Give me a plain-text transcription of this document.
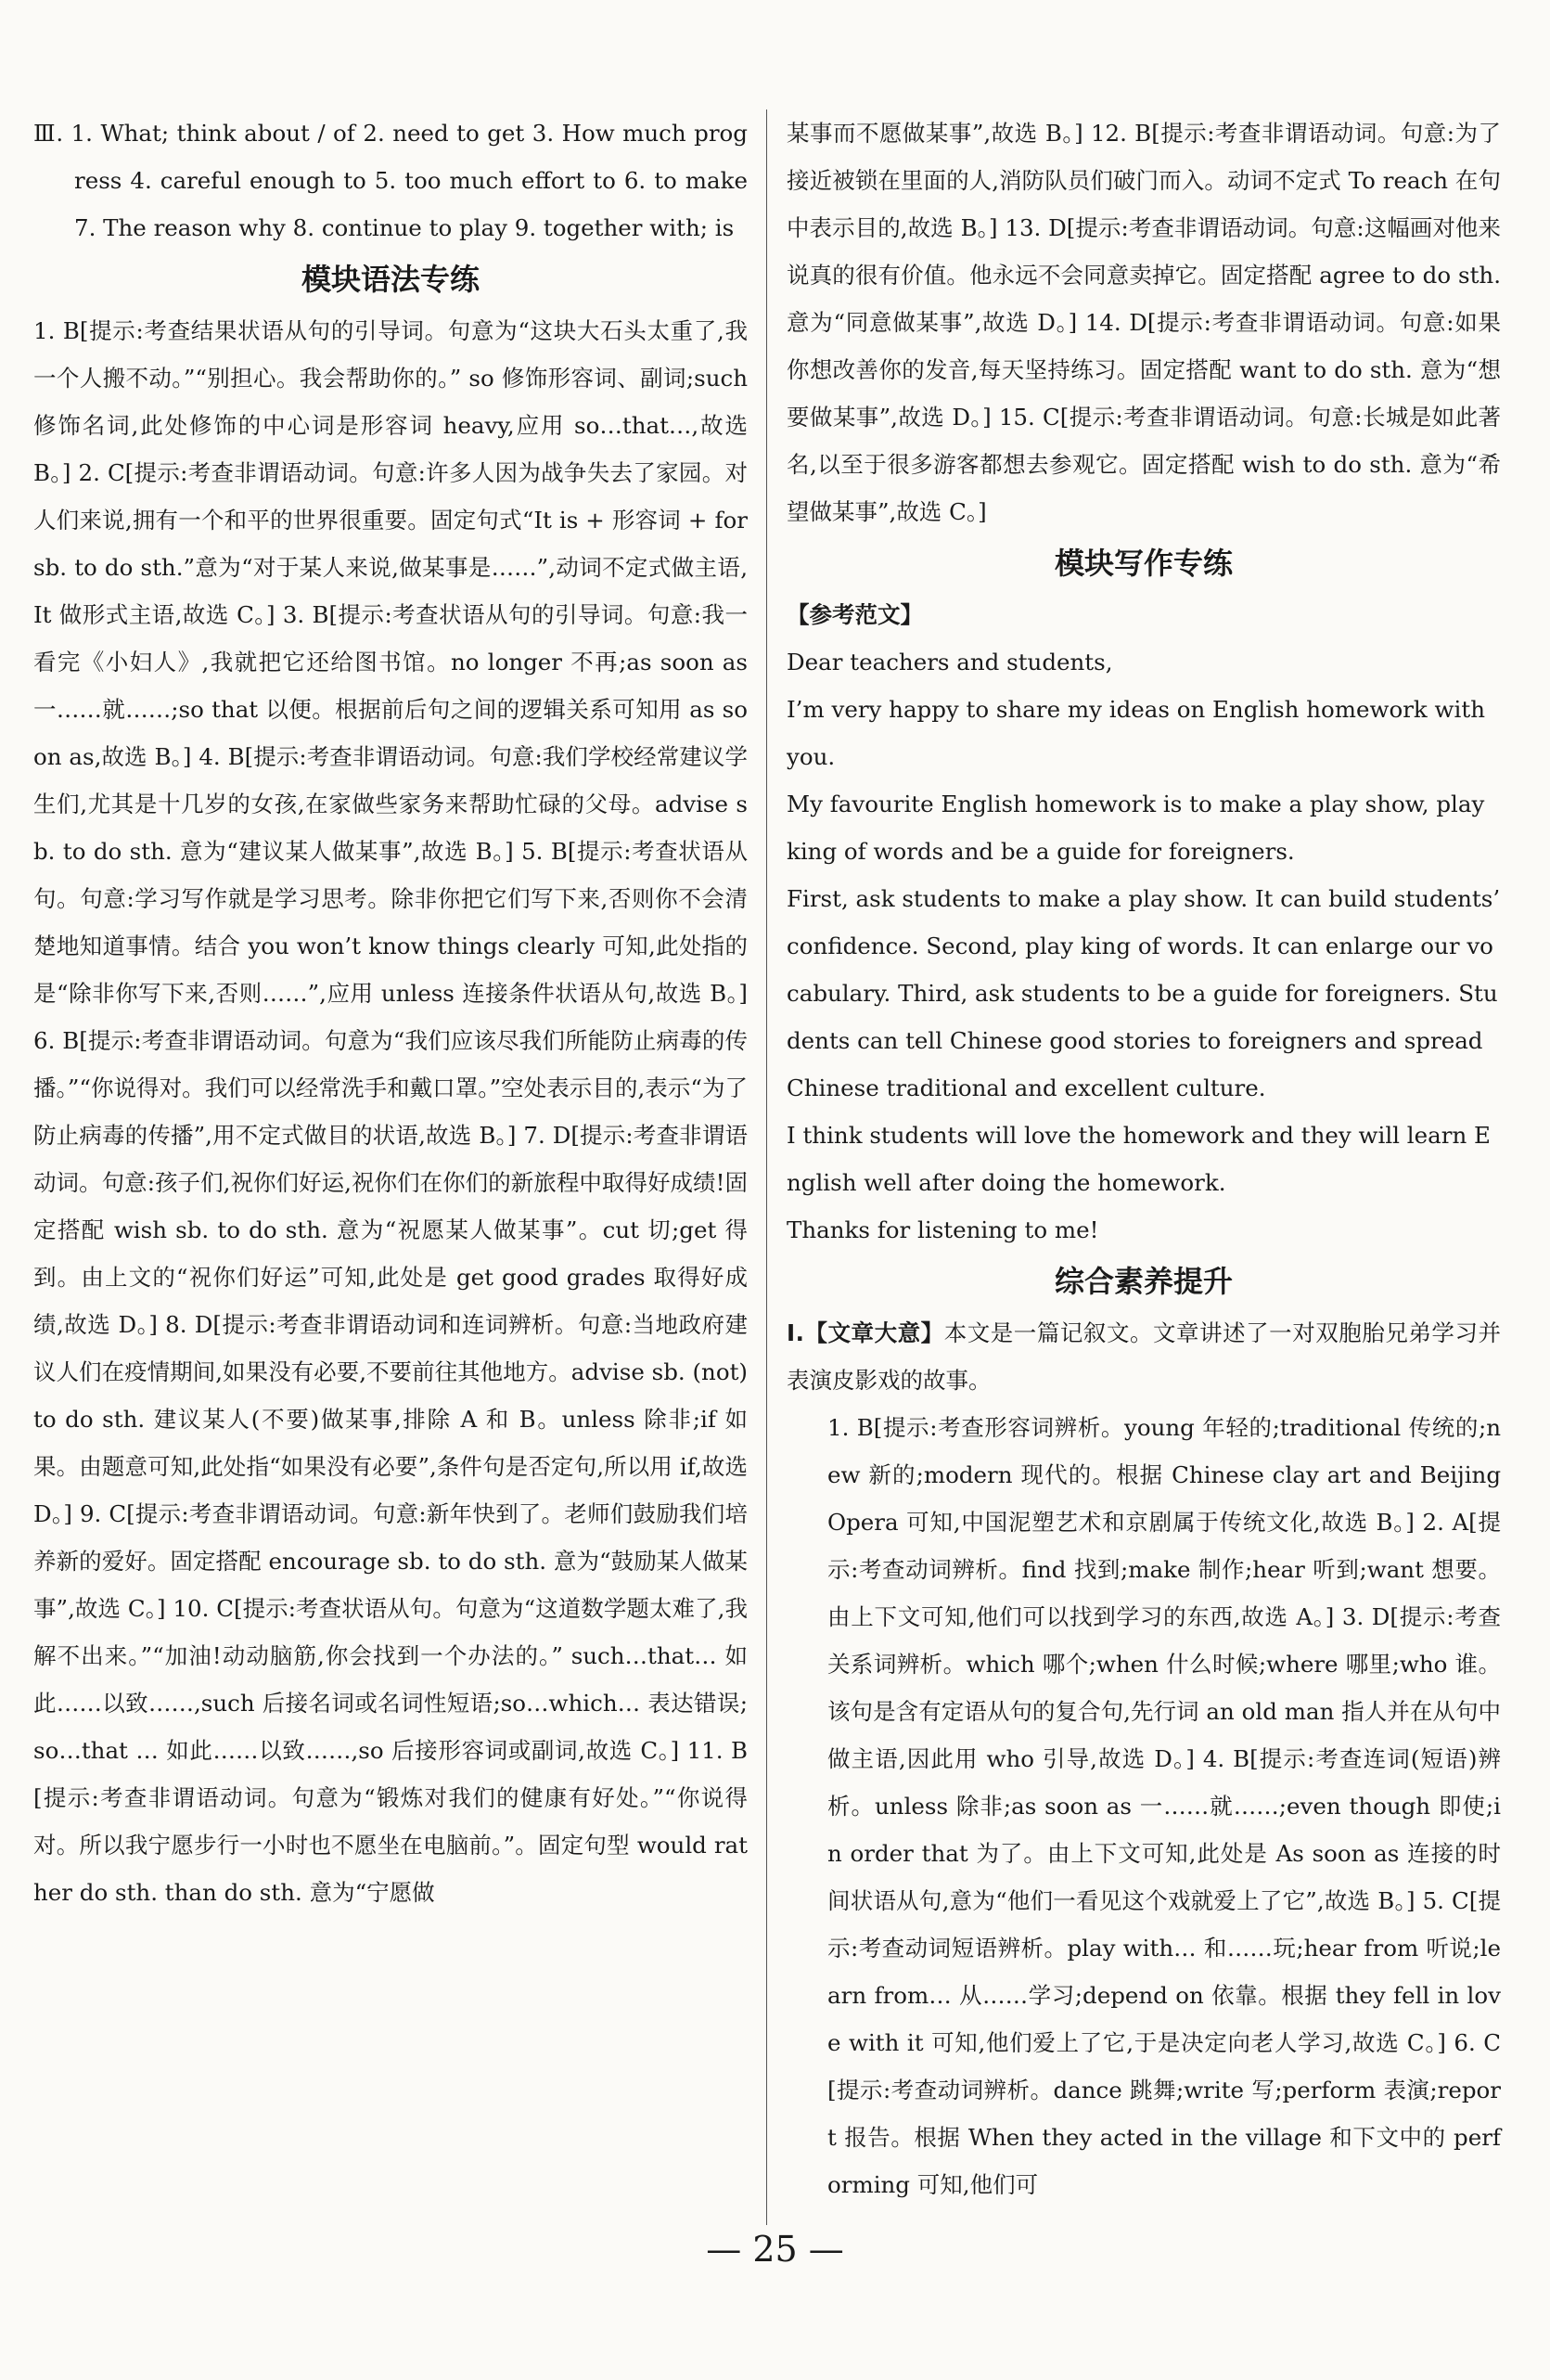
Ⅲ. 1. What; think about / of 2. need to get 3. How much progress 4. careful enough to 5. too much effort to 6. to make 7. The reason why 8. continue to play 9. together with; is

模块语法专练

1. B[提示:考查结果状语从句的引导词。句意为“这块大石头太重了,我一个人搬不动。”“别担心。我会帮助你的。” so 修饰形容词、副词;such 修饰名词,此处修饰的中心词是形容词 heavy,应用 so…that…,故选 B。] 2. C[提示:考查非谓语动词。句意:许多人因为战争失去了家园。对人们来说,拥有一个和平的世界很重要。固定句式“It is + 形容词 + for sb. to do sth.”意为“对于某人来说,做某事是……”,动词不定式做主语,It 做形式主语,故选 C。] 3. B[提示:考查状语从句的引导词。句意:我一看完《小妇人》,我就把它还给图书馆。no longer 不再;as soon as 一……就……;so that 以便。根据前后句之间的逻辑关系可知用 as soon as,故选 B。] 4. B[提示:考查非谓语动词。句意:我们学校经常建议学生们,尤其是十几岁的女孩,在家做些家务来帮助忙碌的父母。advise sb. to do sth. 意为“建议某人做某事”,故选 B。] 5. B[提示:考查状语从句。句意:学习写作就是学习思考。除非你把它们写下来,否则你不会清楚地知道事情。结合 you won’t know things clearly 可知,此处指的是“除非你写下来,否则……”,应用 unless 连接条件状语从句,故选 B。] 6. B[提示:考查非谓语动词。句意为“我们应该尽我们所能防止病毒的传播。”“你说得对。我们可以经常洗手和戴口罩。”空处表示目的,表示“为了防止病毒的传播”,用不定式做目的状语,故选 B。] 7. D[提示:考查非谓语动词。句意:孩子们,祝你们好运,祝你们在你们的新旅程中取得好成绩!固定搭配 wish sb. to do sth. 意为“祝愿某人做某事”。cut 切;get 得到。由上文的“祝你们好运”可知,此处是 get good grades 取得好成绩,故选 D。] 8. D[提示:考查非谓语动词和连词辨析。句意:当地政府建议人们在疫情期间,如果没有必要,不要前往其他地方。advise sb. (not) to do sth. 建议某人(不要)做某事,排除 A 和 B。unless 除非;if 如果。由题意可知,此处指“如果没有必要”,条件句是否定句,所以用 if,故选 D。] 9. C[提示:考查非谓语动词。句意:新年快到了。老师们鼓励我们培养新的爱好。固定搭配 encourage sb. to do sth. 意为“鼓励某人做某事”,故选 C。] 10. C[提示:考查状语从句。句意为“这道数学题太难了,我解不出来。”“加油!动动脑筋,你会找到一个办法的。” such…that… 如此……以致……,such 后接名词或名词性短语;so…which… 表达错误;so…that … 如此……以致……,so 后接形容词或副词,故选 C。] 11. B[提示:考查非谓语动词。句意为“锻炼对我们的健康有好处。”“你说得对。所以我宁愿步行一小时也不愿坐在电脑前。”。固定句型 would rather do sth. than do sth. 意为“宁愿做

某事而不愿做某事”,故选 B。] 12. B[提示:考查非谓语动词。句意:为了接近被锁在里面的人,消防队员们破门而入。动词不定式 To reach 在句中表示目的,故选 B。] 13. D[提示:考查非谓语动词。句意:这幅画对他来说真的很有价值。他永远不会同意卖掉它。固定搭配 agree to do sth. 意为“同意做某事”,故选 D。] 14. D[提示:考查非谓语动词。句意:如果你想改善你的发音,每天坚持练习。固定搭配 want to do sth. 意为“想要做某事”,故选 D。] 15. C[提示:考查非谓语动词。句意:长城是如此著名,以至于很多游客都想去参观它。固定搭配 wish to do sth. 意为“希望做某事”,故选 C。]

模块写作专练

【参考范文】

Dear teachers and students,

I’m very happy to share my ideas on English homework with you.

My favourite English homework is to make a play show, play king of words and be a guide for foreigners.

First, ask students to make a play show. It can build students’ confidence. Second, play king of words. It can enlarge our vocabulary. Third, ask students to be a guide for foreigners. Students can tell Chinese good stories to foreigners and spread Chinese traditional and excellent culture.

I think students will love the homework and they will learn English well after doing the homework.

Thanks for listening to me!

综合素养提升

Ⅰ.【文章大意】本文是一篇记叙文。文章讲述了一对双胞胎兄弟学习并表演皮影戏的故事。

1. B[提示:考查形容词辨析。young 年轻的;traditional 传统的;new 新的;modern 现代的。根据 Chinese clay art and Beijing Opera 可知,中国泥塑艺术和京剧属于传统文化,故选 B。] 2. A[提示:考查动词辨析。find 找到;make 制作;hear 听到;want 想要。由上下文可知,他们可以找到学习的东西,故选 A。] 3. D[提示:考查关系词辨析。which 哪个;when 什么时候;where 哪里;who 谁。该句是含有定语从句的复合句,先行词 an old man 指人并在从句中做主语,因此用 who 引导,故选 D。] 4. B[提示:考查连词(短语)辨析。unless 除非;as soon as 一……就……;even though 即使;in order that 为了。由上下文可知,此处是 As soon as 连接的时间状语从句,意为“他们一看见这个戏就爱上了它”,故选 B。] 5. C[提示:考查动词短语辨析。play with… 和……玩;hear from 听说;learn from… 从……学习;depend on 依靠。根据 they fell in love with it 可知,他们爱上了它,于是决定向老人学习,故选 C。] 6. C[提示:考查动词辨析。dance 跳舞;write 写;perform 表演;report 报告。根据 When they acted in the village 和下文中的 performing 可知,他们可

— 25 —
